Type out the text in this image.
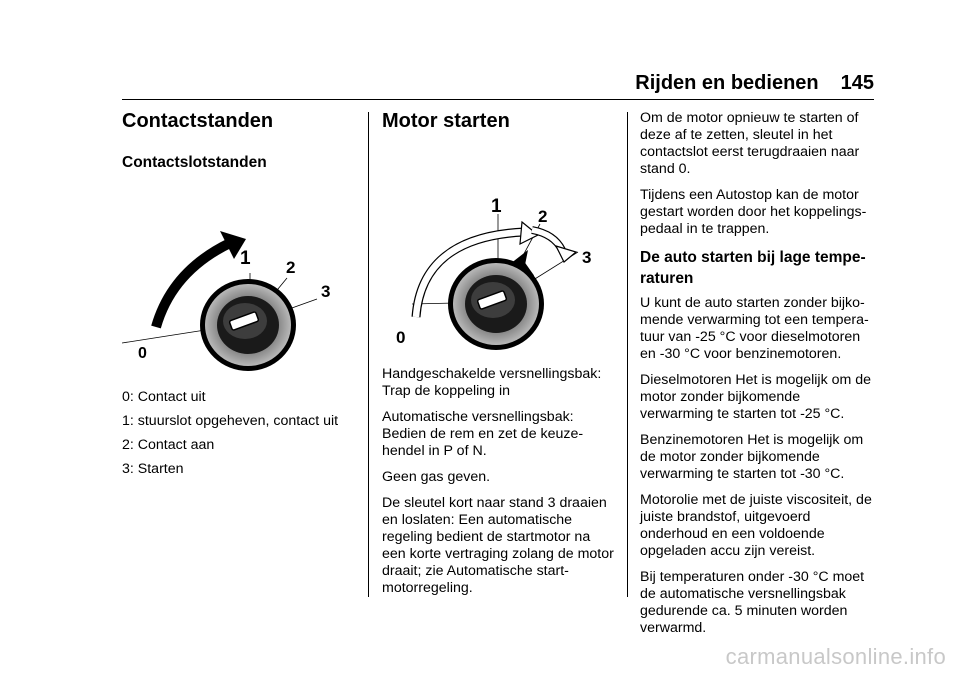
Rijden en bedienen 145
Contactstanden
Contactslotstanden
0
1 2
3

0: Contact uit

1: stuurslot opgeheven, contact uit

2: Contact aan

3: Starten

Motor starten
0
1 2
3

Handgeschakelde versnellingsbak: Trap de koppeling in

Automatische versnellingsbak: Bedien de rem en zet de keuze-hendel in P of N.

Geen gas geven.

De sleutel kort naar stand 3 draaien en loslaten: Een automatische regeling bedient de startmotor na een korte vertraging zolang de motor draait; zie Automatische start-motorregeling.

Om de motor opnieuw te starten of deze af te zetten, sleutel in het contactslot eerst terugdraaien naar stand 0.

Tijdens een Autostop kan de motor gestart worden door het koppelings-pedaal in te trappen.

De auto starten bij lage tempe-raturen

U kunt de auto starten zonder bijko-mende verwarming tot een tempera-tuur van -25 °C voor dieselmotoren en -30 °C voor benzinemotoren.

Dieselmotoren Het is mogelijk om de motor zonder bijkomende verwarming te starten tot -25 °C.

Benzinemotoren Het is mogelijk om de motor zonder bijkomende verwarming te starten tot -30 °C.

Motorolie met de juiste viscositeit, de juiste brandstof, uitgevoerd onderhoud en een voldoende opgeladen accu zijn vereist.

Bij temperaturen onder -30 °C moet de automatische versnellingsbak gedurende ca. 5 minuten worden verwarmd.

carmanualsonline.info
